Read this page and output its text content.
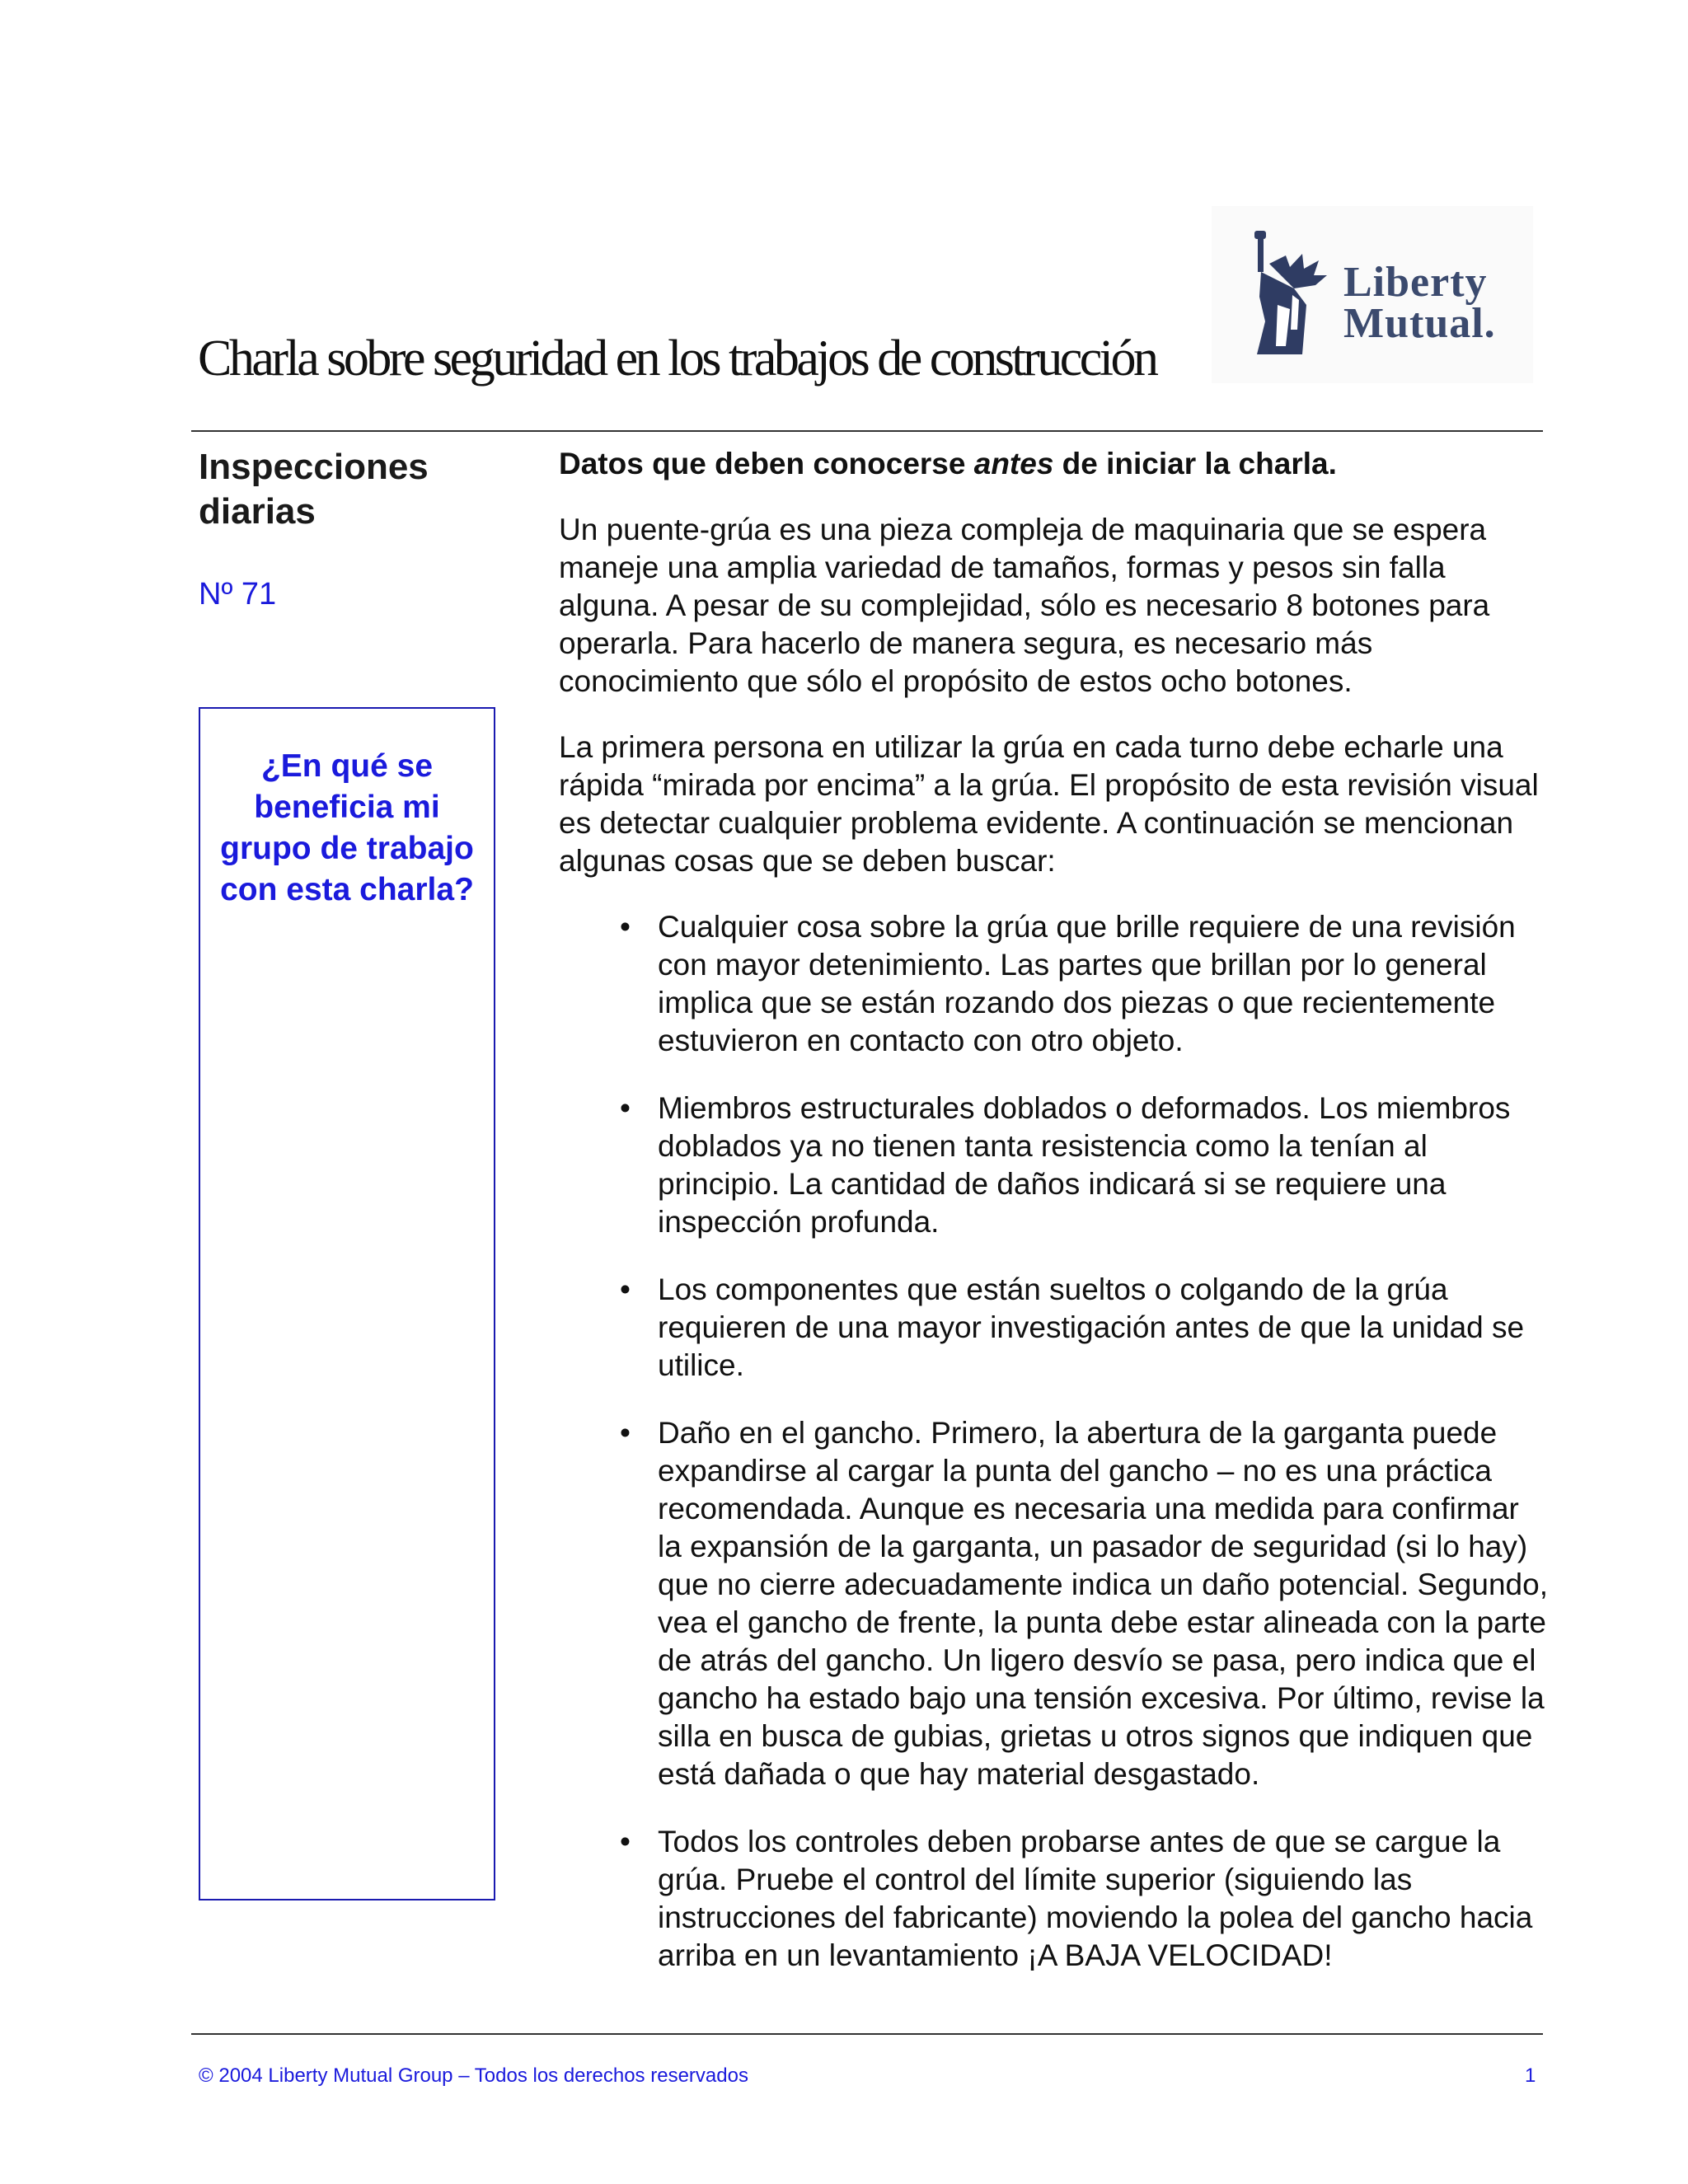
Liberty
Mutual.
Charla sobre seguridad en los trabajos de construcción
Inspecciones diarias
Nº 71
¿En qué se beneficia mi grupo de trabajo con esta charla?

Datos que deben conocerse antes de iniciar la charla.

Un puente-grúa es una pieza compleja de maquinaria que se espera maneje una amplia variedad de tamaños, formas y pesos sin falla alguna. A pesar de su complejidad, sólo es necesario 8 botones para operarla. Para hacerlo de manera segura, es necesario más conocimiento que sólo el propósito de estos ocho botones.

La primera persona en utilizar la grúa en cada turno debe echarle una rápida “mirada por encima” a la grúa. El propósito de esta revisión visual es detectar cualquier problema evidente. A continuación se mencionan algunas cosas que se deben buscar:

• Cualquier cosa sobre la grúa que brille requiere de una revisión con mayor detenimiento. Las partes que brillan por lo general implica que se están rozando dos piezas o que recientemente estuvieron en contacto con otro objeto.
• Miembros estructurales doblados o deformados. Los miembros doblados ya no tienen tanta resistencia como la tenían al principio. La cantidad de daños indicará si se requiere una inspección profunda.
• Los componentes que están sueltos o colgando de la grúa requieren de una mayor investigación antes de que la unidad se utilice.
• Daño en el gancho. Primero, la abertura de la garganta puede expandirse al cargar la punta del gancho – no es una práctica recomendada. Aunque es necesaria una medida para confirmar la expansión de la garganta, un pasador de seguridad (si lo hay) que no cierre adecuadamente indica un daño potencial. Segundo, vea el gancho de frente, la punta debe estar alineada con la parte de atrás del gancho. Un ligero desvío se pasa, pero indica que el gancho ha estado bajo una tensión excesiva. Por último, revise la silla en busca de gubias, grietas u otros signos que indiquen que está dañada o que hay material desgastado.
• Todos los controles deben probarse antes de que se cargue la grúa. Pruebe el control del límite superior (siguiendo las instrucciones del fabricante) moviendo la polea del gancho hacia arriba en un levantamiento ¡A BAJA VELOCIDAD!
© 2004 Liberty Mutual Group – Todos los derechos reservados	1
